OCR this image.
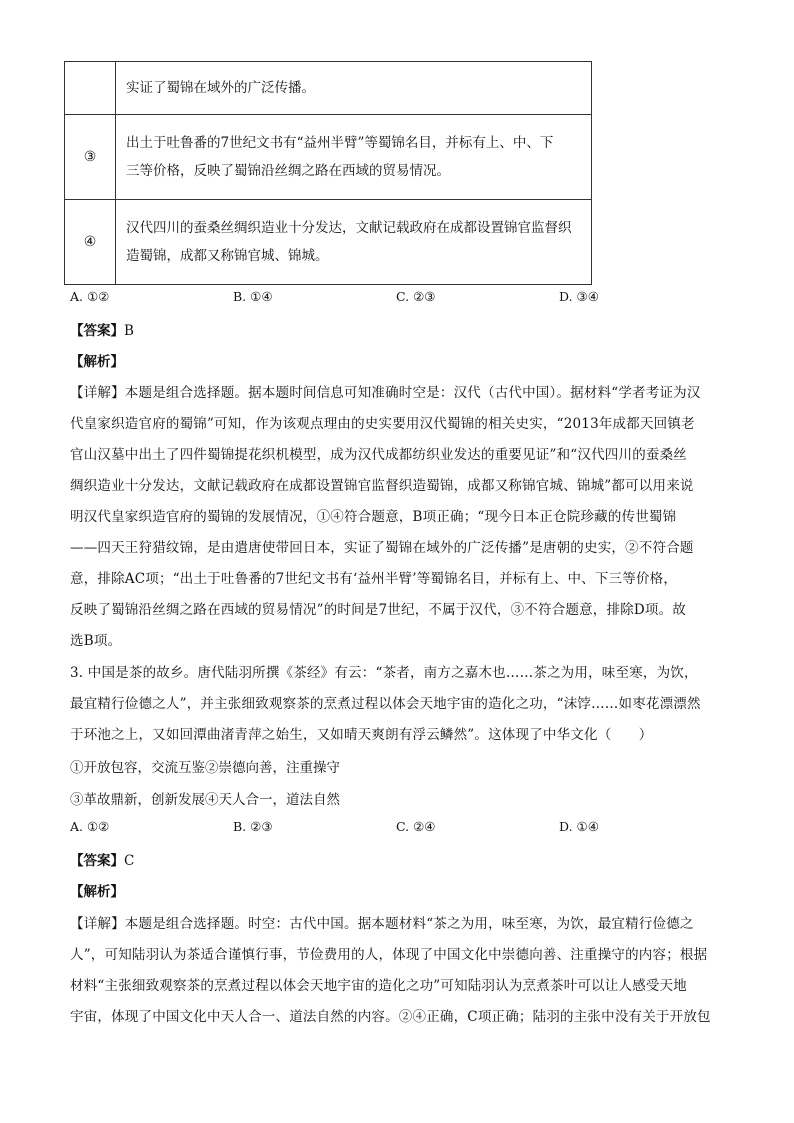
	实证了蜀锦在域外的广泛传播。
③	出土于吐鲁番的7世纪文书有“益州半臂”等蜀锦名目，并标有上、中、下
三等价格，反映了蜀锦沿丝绸之路在西域的贸易情况。

④	汉代四川的蚕桑丝绸织造业十分发达，文献记载政府在成都设置锦官监督织
造蜀锦，成都又称锦官城、锦城。
A. ①②	B. ①④	C. ②③	D. ③④
【答案】B
【解析】
【详解】本题是组合选择题。据本题时间信息可知准确时空是：汉代（古代中国）。据材料“学者考证为汉
代皇家织造官府的蜀锦”可知，作为该观点理由的史实要用汉代蜀锦的相关史实，“2013年成都天回镇老
官山汉墓中出土了四件蜀锦提花织机模型，成为汉代成都纺织业发达的重要见证”和“汉代四川的蚕桑丝
绸织造业十分发达，文献记载政府在成都设置锦官监督织造蜀锦，成都又称锦官城、锦城”都可以用来说
明汉代皇家织造官府的蜀锦的发展情况，①④符合题意，B项正确；“现今日本正仓院珍藏的传世蜀锦
——四天王狩猎纹锦，是由遣唐使带回日本，实证了蜀锦在域外的广泛传播”是唐朝的史实，②不符合题
意，排除AC项；“出土于吐鲁番的7世纪文书有‘益州半臂’等蜀锦名目，并标有上、中、下三等价格，
反映了蜀锦沿丝绸之路在西域的贸易情况”的时间是7世纪，不属于汉代，③不符合题意，排除D项。故
选B项。
3. 中国是茶的故乡。唐代陆羽所撰《茶经》有云：“茶者，南方之嘉木也……茶之为用，味至寒，为饮，
最宜精行俭德之人”，并主张细致观察茶的烹煮过程以体会天地宇宙的造化之功，“沫饽……如枣花漂漂然
于环池之上，又如回潭曲渚青萍之始生，又如晴天爽朗有浮云鳞然”。这体现了中华文化（　　）
①开放包容，交流互鉴②崇德向善，注重操守
③革故鼎新，创新发展④天人合一，道法自然
A. ①②	B. ②③	C. ②④	D. ①④
【答案】C
【解析】
【详解】本题是组合选择题。时空：古代中国。据本题材料“茶之为用，味至寒，为饮，最宜精行俭德之
人”，可知陆羽认为茶适合谨慎行事，节俭费用的人，体现了中国文化中崇德向善、注重操守的内容；根据
材料“主张细致观察茶的烹煮过程以体会天地宇宙的造化之功”可知陆羽认为烹煮茶叶可以让人感受天地
宇宙，体现了中国文化中天人合一、道法自然的内容。②④正确，C项正确；陆羽的主张中没有关于开放包
